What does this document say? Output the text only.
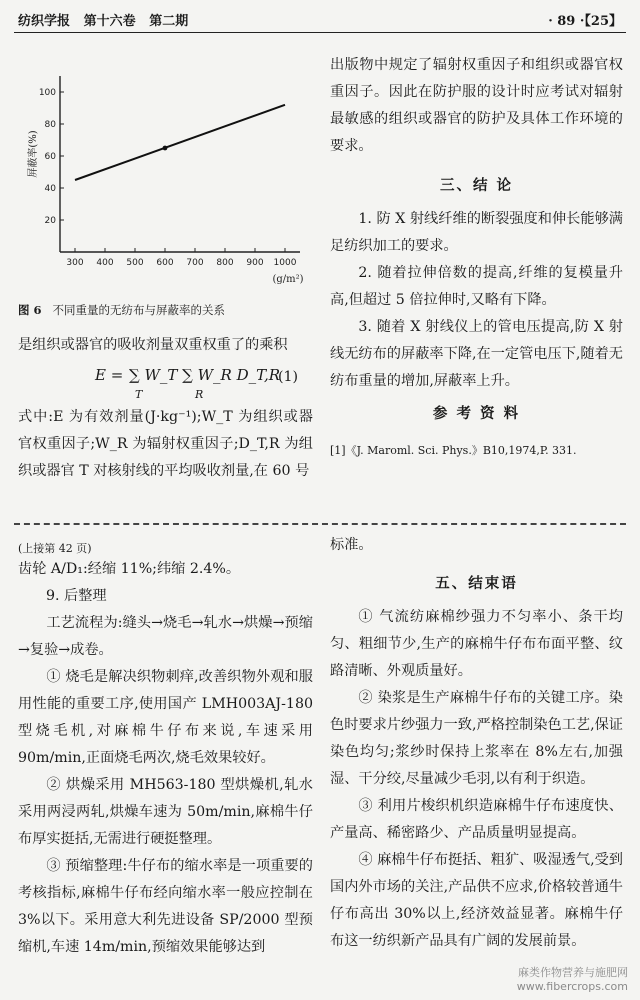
纺织学报 第十六卷 第二期	· 89 ·【25】
20
40
60
80
100
300 400 500 600 700 800 900 1000
屏蔽率(%)
(g/m²)
图 6 不同重量的无纺布与屏蔽率的关系
是组织或器官的吸收剂量双重权重了的乘积
E = ∑ W_T ∑ W_R D_T,R
T	R
(1)

式中:E 为有效剂量(J·kg⁻¹);W_T 为组织或器官权重因子;W_R 为辐射权重因子;D_T,R 为组织或器官 T 对核射线的平均吸收剂量,在 60 号

出版物中规定了辐射权重因子和组织或器官权重因子。因此在防护服的设计时应考试对辐射最敏感的组织或器官的防护及具体工作环境的要求。

三、结 论

1. 防 X 射线纤维的断裂强度和伸长能够满足纺织加工的要求。

2. 随着拉伸倍数的提高,纤维的复模量升高,但超过 5 倍拉伸时,又略有下降。

3. 随着 X 射线仪上的管电压提高,防 X 射线无纺布的屏蔽率下降,在一定管电压下,随着无纺布重量的增加,屏蔽率上升。

参 考 资 料
[1]《J. Maroml. Sci. Phys.》B10,1974,P. 331.
(上接第 42 页)

齿轮 A/D₁:经缩 11%;纬缩 2.4%。

9. 后整理

工艺流程为:缝头→烧毛→轧水→烘燥→预缩→复验→成卷。

① 烧毛是解决织物刺痒,改善织物外观和服用性能的重要工序,使用国产 LMH003AJ-180 型烧毛机,对麻棉牛仔布来说,车速采用 90m/min,正面烧毛两次,烧毛效果较好。

② 烘燥采用 MH563-180 型烘燥机,轧水采用两浸两轧,烘燥车速为 50m/min,麻棉牛仔布厚实挺括,无需进行硬挺整理。

③ 预缩整理:牛仔布的缩水率是一项重要的考核指标,麻棉牛仔布经向缩水率一般应控制在 3%以下。采用意大利先进设备 SP/2000 型预缩机,车速 14m/min,预缩效果能够达到

标准。

五、结束语

① 气流纺麻棉纱强力不匀率小、条干均匀、粗细节少,生产的麻棉牛仔布布面平整、纹路清晰、外观质量好。

② 染浆是生产麻棉牛仔布的关键工序。染色时要求片纱强力一致,严格控制染色工艺,保证染色均匀;浆纱时保持上浆率在 8%左右,加强湿、干分绞,尽量减少毛羽,以有利于织造。

③ 利用片梭织机织造麻棉牛仔布速度快、产量高、稀密路少、产品质量明显提高。

④ 麻棉牛仔布挺括、粗犷、吸湿透气,受到国内外市场的关注,产品供不应求,价格较普通牛仔布高出 30%以上,经济效益显著。麻棉牛仔布这一纺织新产品具有广阔的发展前景。

麻类作物营养与施肥网
www.fibercrops.com
